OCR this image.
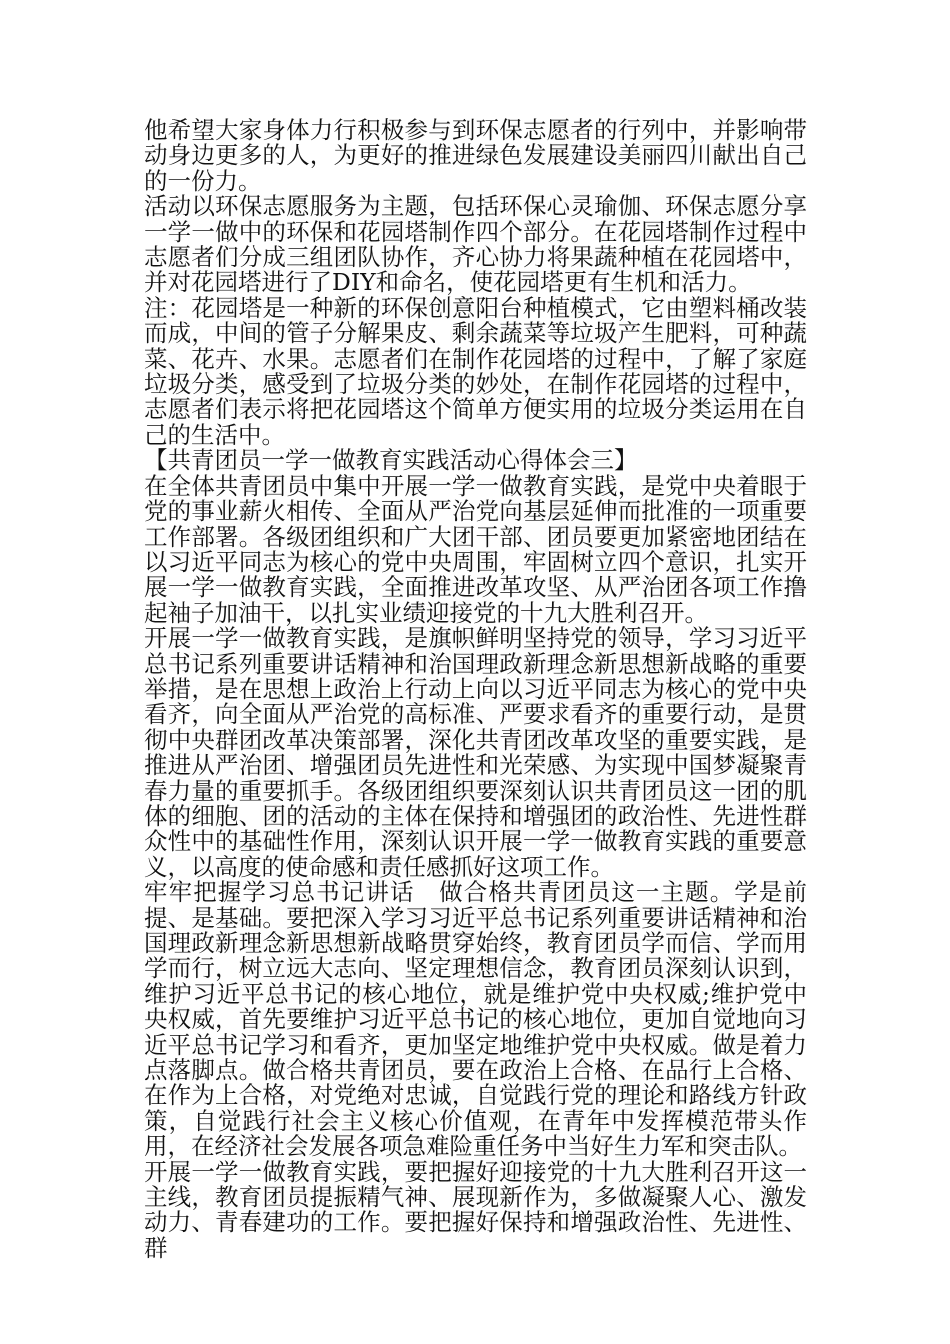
他希望大家身体力行积极参与到环保志愿者的行列中，并影响带动身边更多的人，为更好的推进绿色发展建设美丽四川献出自己的一份力。

活动以环保志愿服务为主题，包括环保心灵瑜伽、环保志愿分享一学一做中的环保和花园塔制作四个部分。在花园塔制作过程中志愿者们分成三组团队协作，齐心协力将果蔬种植在花园塔中，并对花园塔进行了DIY和命名，使花园塔更有生机和活力。

注：花园塔是一种新的环保创意阳台种植模式，它由塑料桶改装而成，中间的管子分解果皮、剩余蔬菜等垃圾产生肥料，可种蔬菜、花卉、水果。志愿者们在制作花园塔的过程中，了解了家庭垃圾分类，感受到了垃圾分类的妙处，在制作花园塔的过程中，志愿者们表示将把花园塔这个简单方便实用的垃圾分类运用在自己的生活中。

【共青团员一学一做教育实践活动心得体会三】

在全体共青团员中集中开展一学一做教育实践，是党中央着眼于党的事业薪火相传、全面从严治党向基层延伸而批准的一项重要工作部署。各级团组织和广大团干部、团员要更加紧密地团结在以习近平同志为核心的党中央周围，牢固树立四个意识，扎实开展一学一做教育实践，全面推进改革攻坚、从严治团各项工作撸起袖子加油干，以扎实业绩迎接党的十九大胜利召开。

开展一学一做教育实践，是旗帜鲜明坚持党的领导，学习习近平总书记系列重要讲话精神和治国理政新理念新思想新战略的重要举措，是在思想上政治上行动上向以习近平同志为核心的党中央看齐，向全面从严治党的高标准、严要求看齐的重要行动，是贯彻中央群团改革决策部署，深化共青团改革攻坚的重要实践，是推进从严治团、增强团员先进性和光荣感、为实现中国梦凝聚青春力量的重要抓手。各级团组织要深刻认识共青团员这一团的肌体的细胞、团的活动的主体在保持和增强团的政治性、先进性群众性中的基础性作用，深刻认识开展一学一做教育实践的重要意义，以高度的使命感和责任感抓好这项工作。

牢牢把握学习总书记讲话　做合格共青团员这一主题。学是前提、是基础。要把深入学习习近平总书记系列重要讲话精神和治国理政新理念新思想新战略贯穿始终，教育团员学而信、学而用学而行，树立远大志向、坚定理想信念，教育团员深刻认识到，维护习近平总书记的核心地位，就是维护党中央权威;维护党中央权威，首先要维护习近平总书记的核心地位，更加自觉地向习近平总书记学习和看齐，更加坚定地维护党中央权威。做是着力点落脚点。做合格共青团员，要在政治上合格、在品行上合格、在作为上合格，对党绝对忠诚，自觉践行党的理论和路线方针政策，自觉践行社会主义核心价值观，在青年中发挥模范带头作用，在经济社会发展各项急难险重任务中当好生力军和突击队。

开展一学一做教育实践，要把握好迎接党的十九大胜利召开这一主线，教育团员提振精气神、展现新作为，多做凝聚人心、激发动力、青春建功的工作。要把握好保持和增强政治性、先进性、群
